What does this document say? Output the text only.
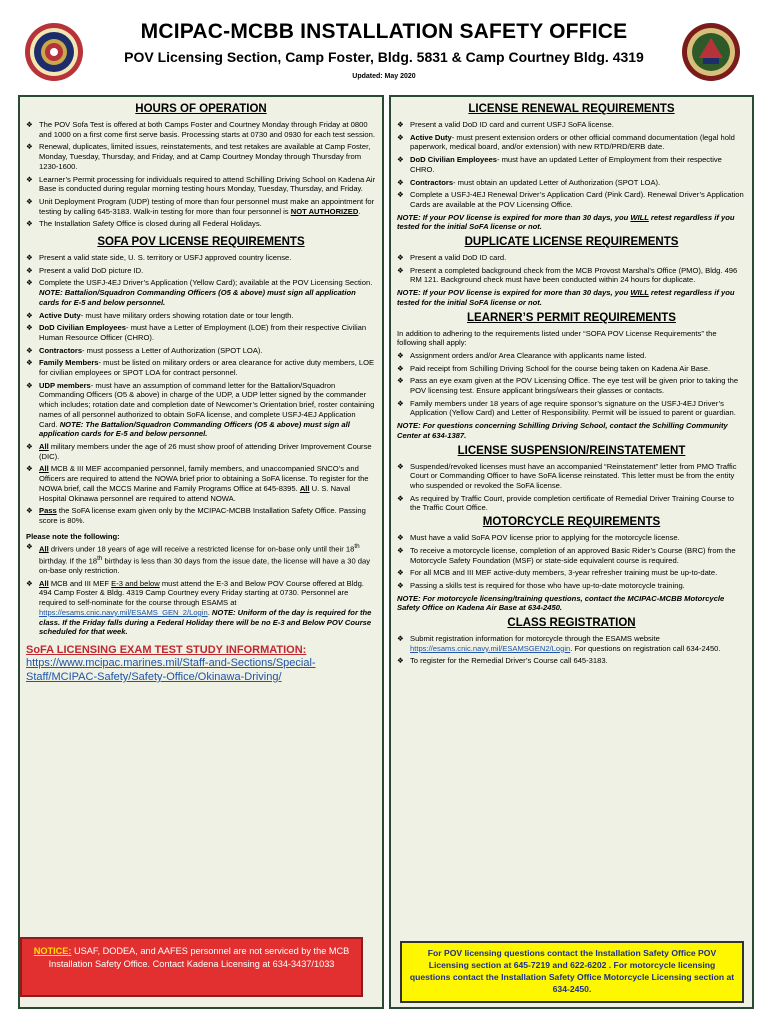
MCIPAC-MCBB INSTALLATION SAFETY OFFICE
POV Licensing Section, Camp Foster, Bldg. 5831 & Camp Courtney Bldg. 4319
Updated: May 2020
HOURS OF OPERATION
❖ The POV Sofa Test is offered at both Camps Foster and Courtney Monday through Friday at 0800 and 1000 on a first come first serve basis. Processing starts at 0730 and 0930 for each test session.
❖ Renewal, duplicates, limited issues, reinstatements, and test retakes are available at Camp Foster, Monday, Tuesday, Thursday, and Friday, and at Camp Courtney Monday through Thursday from 1230-1600.
❖ Learner’s Permit processing for individuals required to attend Schilling Driving School on Kadena Air Base is conducted during regular morning testing hours Monday, Tuesday, Thursday, and Friday.
❖ Unit Deployment Program (UDP) testing of more than four personnel must make an appointment for testing by calling 645-3183. Walk-in testing for more than four personnel is NOT AUTHORIZED.
❖ The Installation Safety Office is closed during all Federal Holidays.
SOFA POV LICENSE REQUIREMENTS
❖ Present a valid state side, U. S. territory or USFJ approved country license.
❖ Present a valid DoD picture ID.
❖ Complete the USFJ-4EJ Driver’s Application (Yellow Card); available at the POV Licensing Section. NOTE: Battalion/Squadron Commanding Officers (O5 & above) must sign all application cards for E-5 and below personnel.
❖ Active Duty- must have military orders showing rotation date or tour length.
❖ DoD Civilian Employees- must have a Letter of Employment (LOE) from their respective Civilian Human Resource Officer (CHRO).
❖ Contractors- must possess a Letter of Authorization (SPOT LOA).
❖ Family Members- must be listed on military orders or area clearance for active duty members, LOE for civilian employees or SPOT LOA for contract personnel.
❖ UDP members- must have an assumption of command letter for the Battalion/Squadron Commanding Officers (O5 & above) in charge of the UDP, a UDP letter signed by the commander which includes; rotation date and completion date of Newcomer’s Orientation brief, roster containing names of all personnel authorized to obtain SoFA license, and complete USFJ-4EJ Application Card. NOTE: The Battalion/Squadron Commanding Officers (O5 & above) must sign all application cards for E-5 and below personnel.
❖ All military members under the age of 26 must show proof of attending Driver Improvement Course (DIC).
❖ All MCB & III MEF accompanied personnel, family members, and unaccompanied SNCO’s and Officers are required to attend the NOWA brief prior to obtaining a SoFA license. To register for the NOWA brief, call the MCCS Marine and Family Programs Office at 645-8395. All U. S. Naval Hospital Okinawa personnel are required to attend NOWA.
❖ Pass the SoFA license exam given only by the MCIPAC-MCBB Installation Safety Office. Passing score is 80%.
Please note the following:
❖ All drivers under 18 years of age will receive a restricted license for on-base only until their 18th birthday. If the 18th birthday is less than 30 days from the issue date, the license will have a 30 day on-base only restriction.
❖ All MCB and III MEF E-3 and below must attend the E-3 and Below POV Course offered at Bldg. 494 Camp Foster & Bldg. 4319 Camp Courtney every Friday starting at 0730. Personnel are required to self-nominate for the course through ESAMS at https://esams.cnic.navy.mil/ESAMS_GEN_2/Login. NOTE: Uniform of the day is required for the class. If the Friday falls during a Federal Holiday there will be no E-3 and Below POV Course scheduled for that week.
SoFA LICENSING EXAM TEST STUDY INFORMATION:
https://www.mcipac.marines.mil/Staff-and-Sections/Special-Staff/MCIPAC-Safety/Safety-Office/Okinawa-Driving/
NOTICE: USAF, DODEA, and AAFES personnel are not serviced by the MCB Installation Safety Office. Contact Kadena Licensing at 634-3437/1033
LICENSE RENEWAL REQUIREMENTS
❖ Present a valid DoD ID card and current USFJ SoFA license.
❖ Active Duty- must present extension orders or other official command documentation (legal hold paperwork, medical board, and/or extension) with new RTD/PRD/ERB date.
❖ DoD Civilian Employees- must have an updated Letter of Employment from their respective CHRO.
❖ Contractors- must obtain an updated Letter of Authorization (SPOT LOA).
❖ Complete a USFJ-4EJ Renewal Driver’s Application Card (Pink Card). Renewal Driver’s Application Cards are available at the POV Licensing Office.
NOTE: If your POV license is expired for more than 30 days, you WILL retest regardless if you tested for the initial SoFA license or not.
DUPLICATE LICENSE REQUIREMENTS
❖ Present a valid DoD ID card.
❖ Present a completed background check from the MCB Provost Marshal’s Office (PMO), Bldg. 496 RM 121. Background check must have been conducted within 24 hours for duplicate.
NOTE: If your POV license is expired for more than 30 days, you WILL retest regardless if you tested for the initial SoFA license or not.
LEARNER’S PERMIT REQUIREMENTS
In addition to adhering to the requirements listed under “SOFA POV License Requirements” the following shall apply:
❖ Assignment orders and/or Area Clearance with applicants name listed.
❖ Paid receipt from Schilling Driving School for the course being taken on Kadena Air Base.
❖ Pass an eye exam given at the POV Licensing Office. The eye test will be given prior to taking the POV licensing test. Ensure applicant brings/wears their glasses or contacts.
❖ Family members under 18 years of age require sponsor’s signature on the USFJ-4EJ Driver’s Application (Yellow Card) and Letter of Responsibility. Permit will be issued to parent or guardian.
NOTE: For questions concerning Schilling Driving School, contact the Schilling Community Center at 634-1387.
LICENSE SUSPENSION/REINSTATEMENT
❖ Suspended/revoked licenses must have an accompanied “Reinstatement” letter from PMO Traffic Court or Commanding Officer to have SoFA license reinstated. This letter must be from the entity who suspended or revoked the SoFA license.
❖ As required by Traffic Court, provide completion certificate of Remedial Driver Training Course to the Traffic Court Office.
MOTORCYCLE REQUIREMENTS
❖ Must have a valid SoFA POV license prior to applying for the motorcycle license.
❖ To receive a motorcycle license, completion of an approved Basic Rider’s Course (BRC) from the Motorcycle Safety Foundation (MSF) or state-side equivalent course is required.
❖ For all MCB and III MEF active-duty members, 3-year refresher training must be up-to-date.
❖ Passing a skills test is required for those who have up-to-date motorcycle training.
NOTE: For motorcycle licensing/training questions, contact the MCIPAC-MCBB Motorcycle Safety Office on Kadena Air Base at 634-2450.
CLASS REGISTRATION
❖ Submit registration information for motorcycle through the ESAMS website https://esams.cnic.navy.mil/ESAMSGEN2/Login. For questions on registration call 634-2450.
❖ To register for the Remedial Driver’s Course call 645-3183.
For POV licensing questions contact the Installation Safety Office POV Licensing section at 645-7219 and 622-6202 . For motorcycle licensing questions contact the Installation Safety Office Motorcycle Licensing section at 634-2450.
